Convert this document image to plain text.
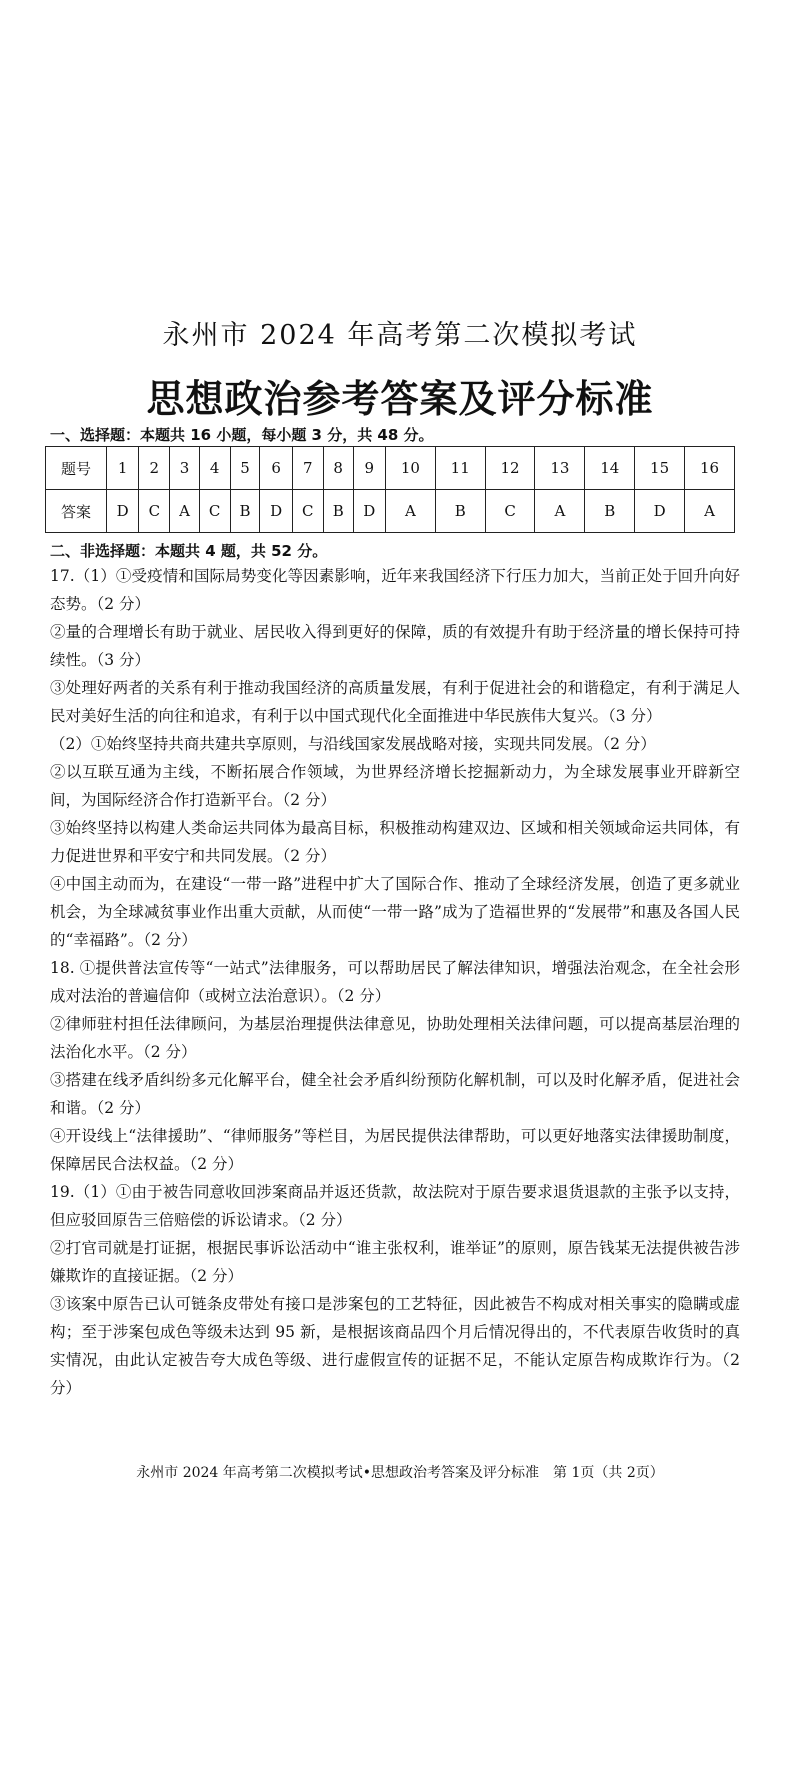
永州市 2024 年高考第二次模拟考试
思想政治参考答案及评分标准
一、选择题：本题共 16 小题，每小题 3 分，共 48 分。
题号	1	2	3	4	5	6	7	8	9	10	11	12	13	14	15	16
答案	D	C	A	C	B	D	C	B	D	A	B	C	A	B	D	A
二、非选择题：本题共 4 题，共 52 分。

17.（1）①受疫情和国际局势变化等因素影响，近年来我国经济下行压力加大，当前正处于回升向好态势。（2 分）

②量的合理增长有助于就业、居民收入得到更好的保障，质的有效提升有助于经济量的增长保持可持续性。（3 分）

③处理好两者的关系有利于推动我国经济的高质量发展，有利于促进社会的和谐稳定，有利于满足人民对美好生活的向往和追求，有利于以中国式现代化全面推进中华民族伟大复兴。（3 分）

（2）①始终坚持共商共建共享原则，与沿线国家发展战略对接，实现共同发展。（2 分）

②以互联互通为主线，不断拓展合作领域，为世界经济增长挖掘新动力，为全球发展事业开辟新空间，为国际经济合作打造新平台。（2 分）

③始终坚持以构建人类命运共同体为最高目标，积极推动构建双边、区域和相关领域命运共同体，有力促进世界和平安宁和共同发展。（2 分）

④中国主动而为，在建设“一带一路”进程中扩大了国际合作、推动了全球经济发展，创造了更多就业机会，为全球减贫事业作出重大贡献，从而使“一带一路”成为了造福世界的“发展带”和惠及各国人民的“幸福路”。（2 分）

18. ①提供普法宣传等“一站式”法律服务，可以帮助居民了解法律知识，增强法治观念，在全社会形成对法治的普遍信仰（或树立法治意识）。（2 分）

②律师驻村担任法律顾问，为基层治理提供法律意见，协助处理相关法律问题，可以提高基层治理的法治化水平。（2 分）

③搭建在线矛盾纠纷多元化解平台，健全社会矛盾纠纷预防化解机制，可以及时化解矛盾，促进社会和谐。（2 分）

④开设线上“法律援助”、“律师服务”等栏目，为居民提供法律帮助，可以更好地落实法律援助制度，保障居民合法权益。（2 分）

19.（1）①由于被告同意收回涉案商品并返还货款，故法院对于原告要求退货退款的主张予以支持，但应驳回原告三倍赔偿的诉讼请求。（2 分）

②打官司就是打证据，根据民事诉讼活动中“谁主张权利，谁举证”的原则，原告钱某无法提供被告涉嫌欺诈的直接证据。（2 分）

③该案中原告已认可链条皮带处有接口是涉案包的工艺特征，因此被告不构成对相关事实的隐瞒或虚构；至于涉案包成色等级未达到 95 新，是根据该商品四个月后情况得出的，不代表原告收货时的真实情况，由此认定被告夸大成色等级、进行虚假宣传的证据不足，不能认定原告构成欺诈行为。（2 分）

永州市 2024 年高考第二次模拟考试•思想政治考答案及评分标准　第 1页（共 2页）
